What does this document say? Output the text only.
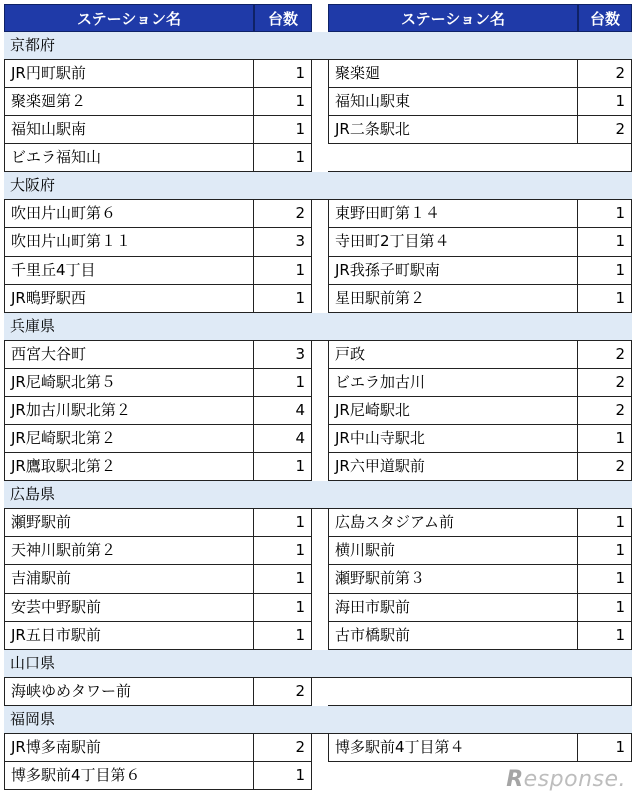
ステーション名	台数	ステーション名	台数
京都府
JR円町駅前	1	聚楽廻	2
聚楽廻第２	1	福知山駅東	1
福知山駅南	1	JR二条駅北	2
ビエラ福知山	1
大阪府
吹田片山町第６	2	東野田町第１４	1
吹田片山町第１１	3	寺田町2丁目第４	1
千里丘4丁目	1	JR我孫子町駅南	1
JR鴫野駅西	1	星田駅前第２	1
兵庫県
西宮大谷町	3	戸政	2
JR尼崎駅北第５	1	ビエラ加古川	2
JR加古川駅北第２	4	JR尼崎駅北	2
JR尼崎駅北第２	4	JR中山寺駅北	1
JR鷹取駅北第２	1	JR六甲道駅前	2
広島県
瀬野駅前	1	広島スタジアム前	1
天神川駅前第２	1	横川駅前	1
吉浦駅前	1	瀬野駅前第３	1
安芸中野駅前	1	海田市駅前	1
JR五日市駅前	1	古市橋駅前	1
山口県
海峡ゆめタワー前	2
福岡県
JR博多南駅前	2	博多駅前4丁目第４	1
博多駅前4丁目第６	1	Response.
